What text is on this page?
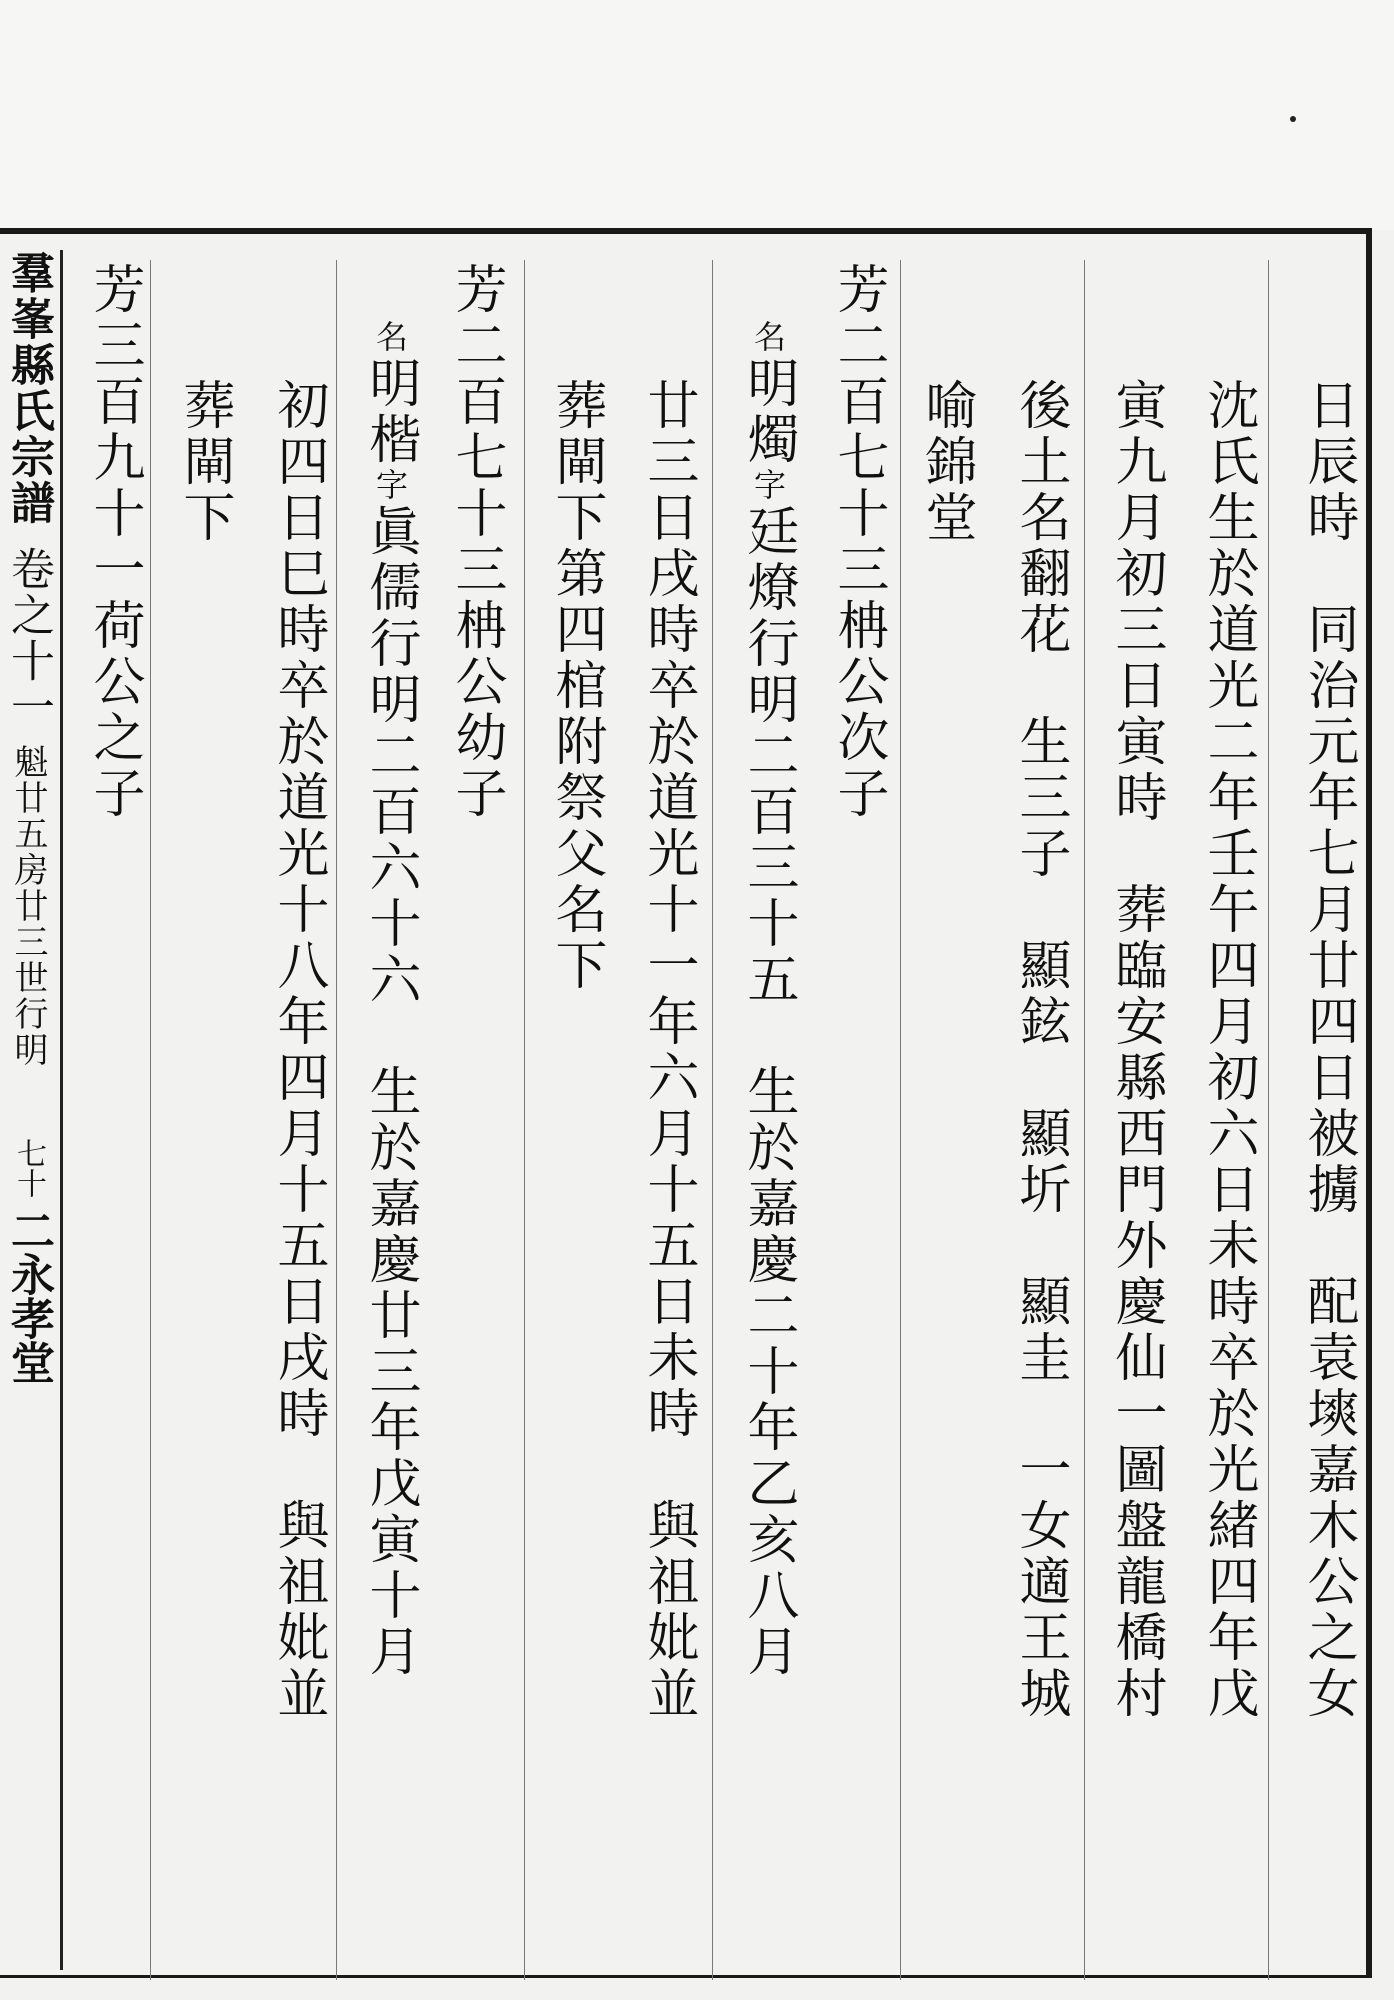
羣峯縣氏宗譜卷之十一魁廿五房廿三世行明七十二永孝堂	日辰時　同治元年七月廿四日被擄　配袁塽嘉木公之女
沈氏生於道光二年壬午四月初六日未時卒於光緒四年戊
寅九月初三日寅時　葬臨安縣西門外慶仙一圖盤龍橋村
後土名翻花　生三子　顯鉉　顯圻　顯圭　一女適王城
喻錦堂
芳二百七十三柟公次子
名明燭字廷燎行明二百三十五　生於嘉慶二十年乙亥八月
廿三日戌時卒於道光十一年六月十五日未時　與祖妣並
葬閘下第四棺附祭父名下
芳二百七十三柟公幼子
名明楷字眞儒行明二百六十六　生於嘉慶廿三年戊寅十月
初四日巳時卒於道光十八年四月十五日戌時　與祖妣並
葬閘下
芳三百九十一荷公之子
